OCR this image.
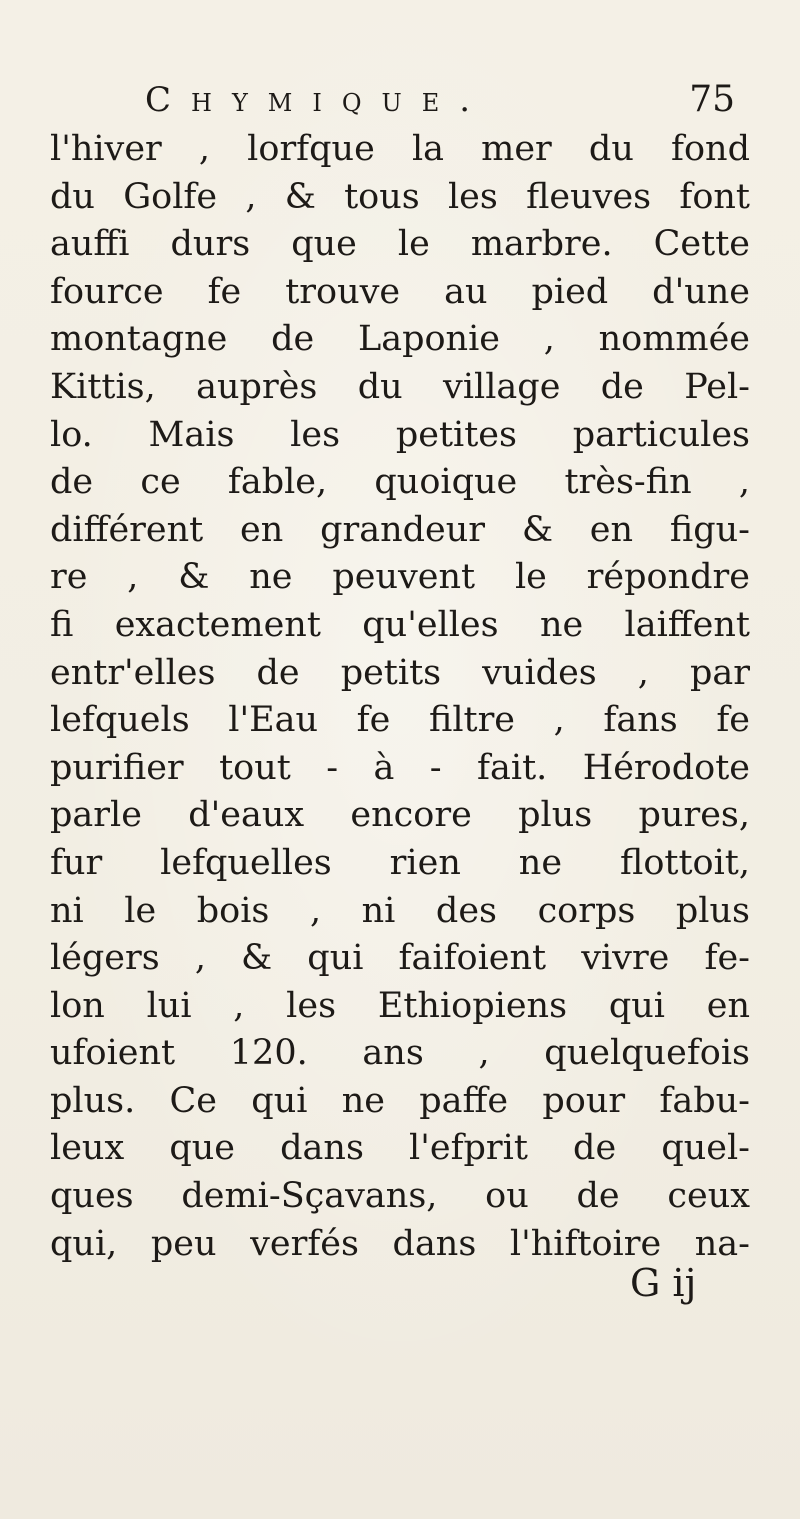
Chymique.	75
l'hiver , lorfque la mer du fond
du Golfe , & tous les fleuves font
auffi durs que le marbre. Cette
fource fe trouve au pied d'une
montagne de Laponie , nommée
Kittis, auprès du village de Pel-
lo. Mais les petites particules
de ce fable, quoique très-fin ,
différent en grandeur & en figu-
re , & ne peuvent le répondre
fi exactement qu'elles ne laiffent
entr'elles de petits vuides , par
lefquels l'Eau fe filtre , fans fe
purifier tout - à - fait. Hérodote
parle d'eaux encore plus pures,
fur lefquelles rien ne flottoit,
ni le bois , ni des corps plus
légers , & qui faifoient vivre fe-
lon lui , les Ethiopiens qui en
ufoient 120. ans , quelquefois
plus. Ce qui ne paffe pour fabu-
leux que dans l'efprit de quel-
ques demi-Sçavans, ou de ceux
qui, peu verfés dans l'hiftoire na-
G ij
